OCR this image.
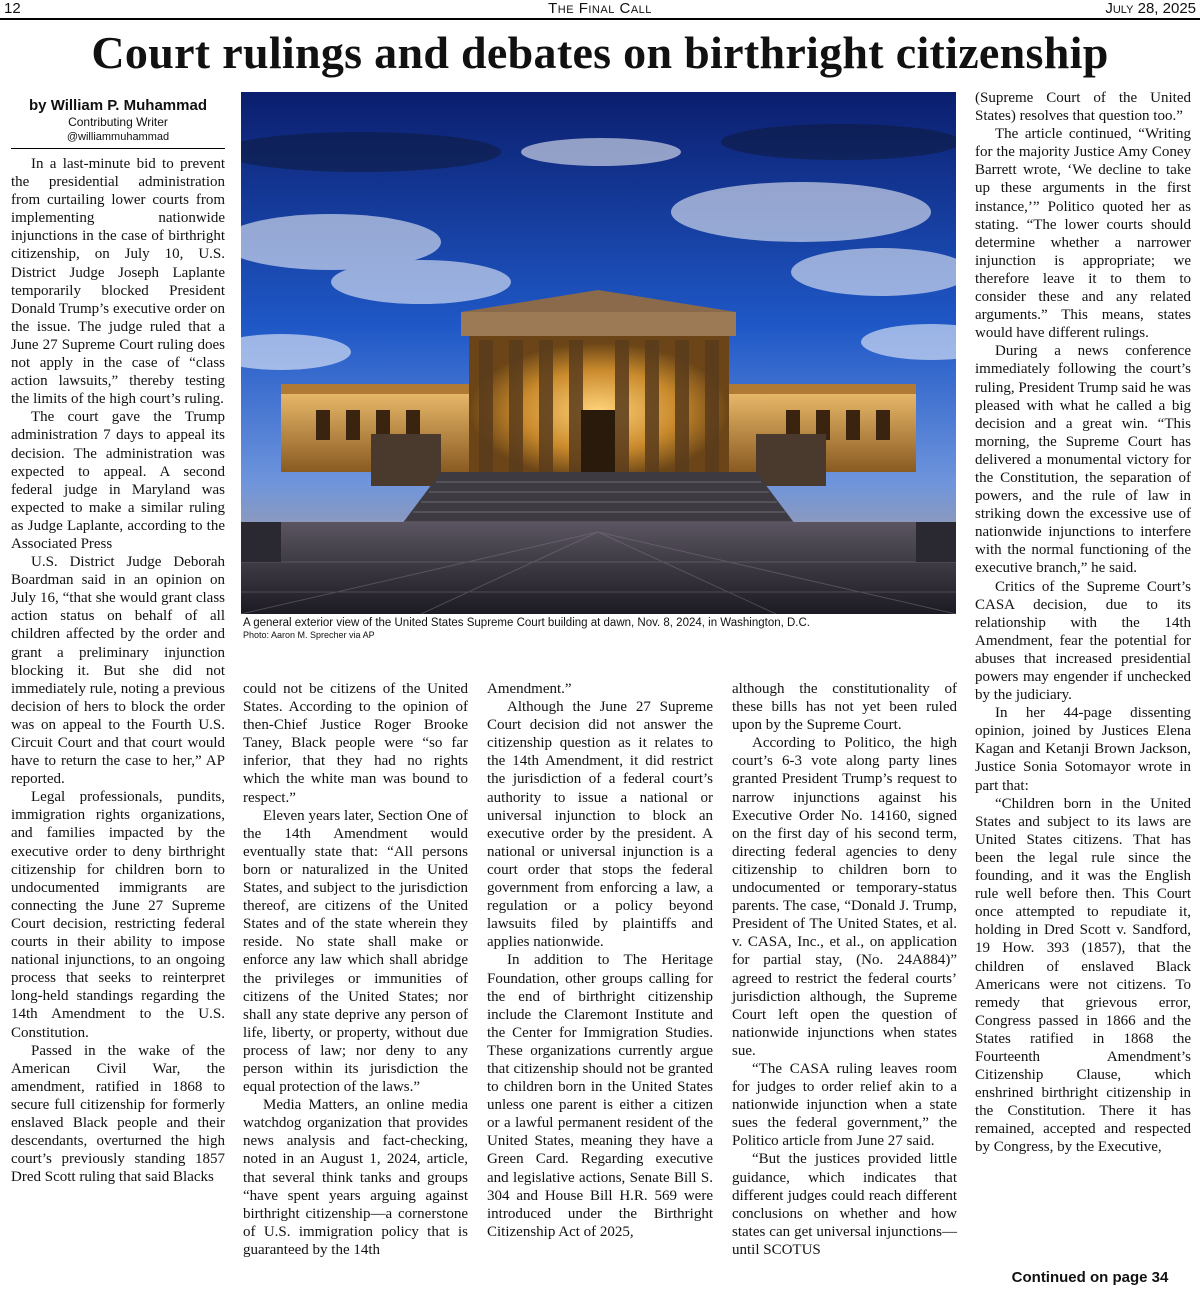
12	The Final Call	July 28, 2025
Court rulings and debates on birthright citizenship
by William P. Muhammad
Contributing Writer
@williammuhammad

In a last-minute bid to prevent the presidential administration from curtailing lower courts from implementing nationwide injunctions in the case of birthright citizenship, on July 10, U.S. District Judge Joseph Laplante temporarily blocked President Donald Trump’s executive order on the issue. The judge ruled that a June 27 Supreme Court ruling does not apply in the case of “class action lawsuits,” thereby testing the limits of the high court’s ruling.

The court gave the Trump administration 7 days to appeal its decision. The administration was expected to appeal. A second federal judge in Maryland was expected to make a similar ruling as Judge Laplante, according to the Associated Press

U.S. District Judge Deborah Boardman said in an opinion on July 16, “that she would grant class action status on behalf of all children affected by the order and grant a preliminary injunction blocking it. But she did not immediately rule, noting a previous decision of hers to block the order was on appeal to the Fourth U.S. Circuit Court and that court would have to return the case to her,” AP reported.

Legal professionals, pundits, immigration rights organizations, and families impacted by the executive order to deny birthright citizenship for children born to undocumented immigrants are connecting the June 27 Supreme Court decision, restricting federal courts in their ability to impose national injunctions, to an ongoing process that seeks to reinterpret long-held standings regarding the 14th Amendment to the U.S. Constitution.

Passed in the wake of the American Civil War, the amendment, ratified in 1868 to secure full citizenship for formerly enslaved Black people and their descendants, overturned the high court’s previously standing 1857 Dred Scott ruling that said Blacks

A general exterior view of the United States Supreme Court building at dawn, Nov. 8, 2024, in Washington, D.C.
Photo: Aaron M. Sprecher via AP

could not be citizens of the United States. According to the opinion of then-Chief Justice Roger Brooke Taney, Black people were “so far inferior, that they had no rights which the white man was bound to respect.”

Eleven years later, Section One of the 14th Amendment would eventually state that: “All persons born or naturalized in the United States, and subject to the jurisdiction thereof, are citizens of the United States and of the state wherein they reside. No state shall make or enforce any law which shall abridge the privileges or immunities of citizens of the United States; nor shall any state deprive any person of life, liberty, or property, without due process of law; nor deny to any person within its jurisdiction the equal protection of the laws.”

Media Matters, an online media watchdog organization that provides news analysis and fact-checking, noted in an August 1, 2024, article, that several think tanks and groups “have spent years arguing against birthright citizenship—a cornerstone of U.S. immigration policy that is guaranteed by the 14th

Amendment.”

Although the June 27 Supreme Court decision did not answer the citizenship question as it relates to the 14th Amendment, it did restrict the jurisdiction of a federal court’s authority to issue a national or universal injunction to block an executive order by the president. A national or universal injunction is a court order that stops the federal government from enforcing a law, a regulation or a policy beyond lawsuits filed by plaintiffs and applies nationwide.

In addition to The Heritage Foundation, other groups calling for the end of birthright citizenship include the Claremont Institute and the Center for Immigration Studies. These organizations currently argue that citizenship should not be granted to children born in the United States unless one parent is either a citizen or a lawful permanent resident of the United States, meaning they have a Green Card. Regarding executive and legislative actions, Senate Bill S. 304 and House Bill H.R. 569 were introduced under the Birthright Citizenship Act of 2025,

although the constitutionality of these bills has not yet been ruled upon by the Supreme Court.

According to Politico, the high court’s 6-3 vote along party lines granted President Trump’s request to narrow injunctions against his Executive Order No. 14160, signed on the first day of his second term, directing federal agencies to deny citizenship to children born to undocumented or temporary-status parents. The case, “Donald J. Trump, President of The United States, et al. v. CASA, Inc., et al., on application for partial stay, (No. 24A884)” agreed to restrict the federal courts’ jurisdiction although, the Supreme Court left open the question of nationwide injunctions when states sue.

“The CASA ruling leaves room for judges to order relief akin to a nationwide injunction when a state sues the federal government,” the Politico article from June 27 said.

“But the justices provided little guidance, which indicates that different judges could reach different conclusions on whether and how states can get universal injunctions—until SCOTUS

(Supreme Court of the United States) resolves that question too.”

The article continued, “Writing for the majority Justice Amy Coney Barrett wrote, ‘We decline to take up these arguments in the first instance,’” Politico quoted her as stating. “The lower courts should determine whether a narrower injunction is appropriate; we therefore leave it to them to consider these and any related arguments.” This means, states would have different rulings.

During a news conference immediately following the court’s ruling, President Trump said he was pleased with what he called a big decision and a great win. “This morning, the Supreme Court has delivered a monumental victory for the Constitution, the separation of powers, and the rule of law in striking down the excessive use of nationwide injunctions to interfere with the normal functioning of the executive branch,” he said.

Critics of the Supreme Court’s CASA decision, due to its relationship with the 14th Amendment, fear the potential for abuses that increased presidential powers may engender if unchecked by the judiciary.

In her 44-page dissenting opinion, joined by Justices Elena Kagan and Ketanji Brown Jackson, Justice Sonia Sotomayor wrote in part that:

“Children born in the United States and subject to its laws are United States citizens. That has been the legal rule since the founding, and it was the English rule well before then. This Court once attempted to repudiate it, holding in Dred Scott v. Sandford, 19 How. 393 (1857), that the children of enslaved Black Americans were not citizens. To remedy that grievous error, Congress passed in 1866 and the States ratified in 1868 the Fourteenth Amendment’s Citizenship Clause, which enshrined birthright citizenship in the Constitution. There it has remained, accepted and respected by Congress, by the Executive,

Continued on page 34
